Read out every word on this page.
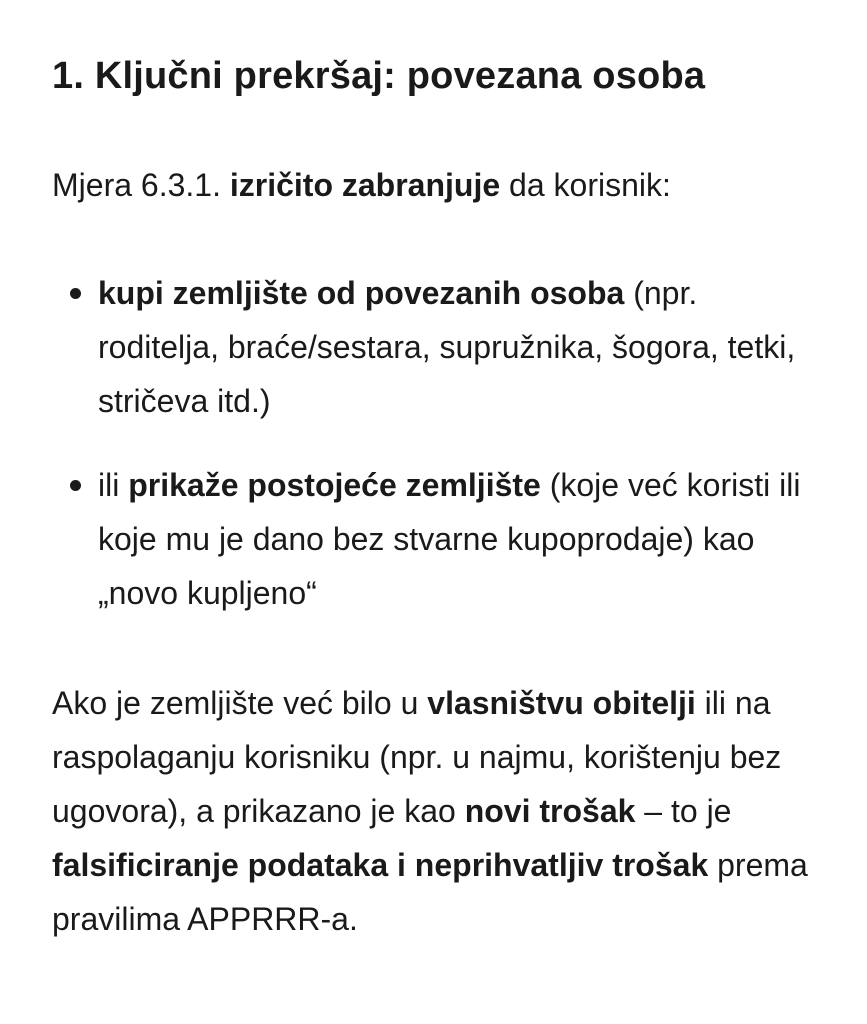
1. Ključni prekršaj: povezana osoba

Mjera 6.3.1. izričito zabranjuje da korisnik:

kupi zemljište od povezanih osoba (npr. roditelja, braće/sestara, supružnika, šogora, tetki, stričeva itd.)
ili prikaže postojeće zemljište (koje već koristi ili koje mu je dano bez stvarne kupoprodaje) kao „novo kupljeno“

Ako je zemljište već bilo u vlasništvu obitelji ili na raspolaganju korisniku (npr. u najmu, korištenju bez ugovora), a prikazano je kao novi trošak – to je falsificiranje podataka i neprihvatljiv trošak prema pravilima APPRRR-a.
